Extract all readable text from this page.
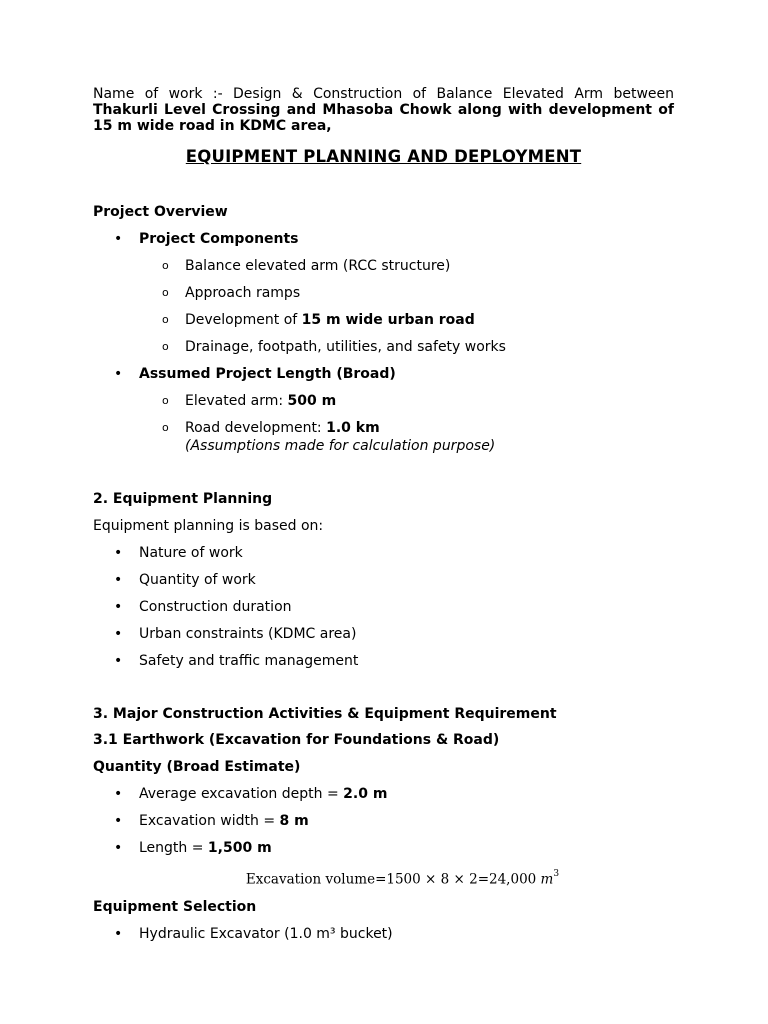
Name of work :- Design & Construction of Balance Elevated Arm between
Thakurli Level Crossing and Mhasoba Chowk along with development of
15 m wide road in KDMC area,

EQUIPMENT PLANNING AND DEPLOYMENT

Project Overview

• Project Components
o Balance elevated arm (RCC structure)
o Approach ramps
o Development of 15 m wide urban road
o Drainage, footpath, utilities, and safety works
• Assumed Project Length (Broad)
o Elevated arm: 500 m
o Road development: 1.0 km
(Assumptions made for calculation purpose)

2. Equipment Planning

Equipment planning is based on:

• Nature of work
• Quantity of work
• Construction duration
• Urban constraints (KDMC area)
• Safety and traffic management

3. Major Construction Activities & Equipment Requirement

3.1 Earthwork (Excavation for Foundations & Road)

Quantity (Broad Estimate)

• Average excavation depth = 2.0 m
• Excavation width = 8 m
• Length = 1,500 m

Excavation volume=1500 × 8 × 2=24,000 $m^3$

Equipment Selection

• Hydraulic Excavator (1.0 m³ bucket)
